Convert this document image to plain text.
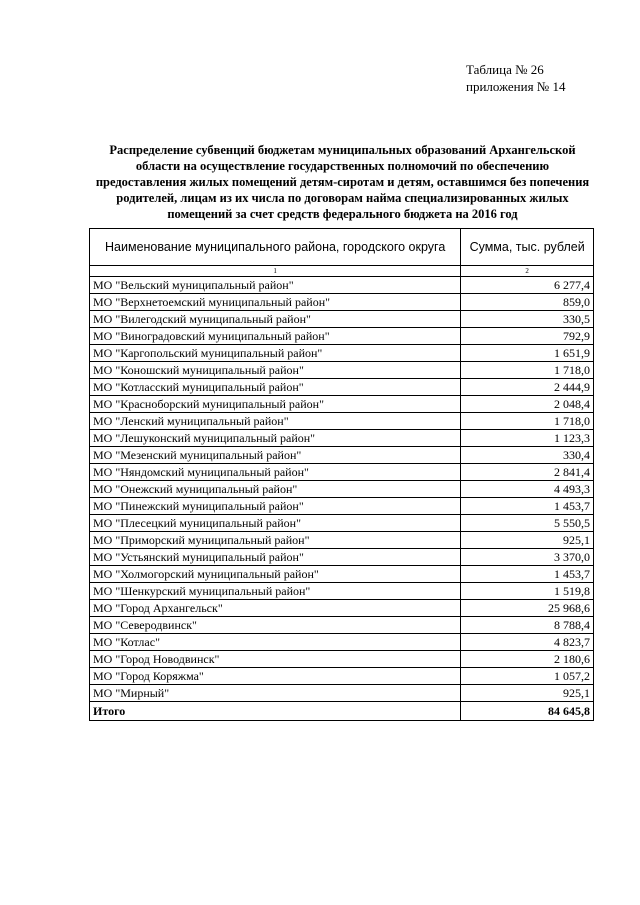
Таблица № 26
приложения № 14
Распределение субвенций бюджетам муниципальных образований Архангельской области на осуществление государственных полномочий по обеспечению предоставления жилых помещений детям-сиротам и детям, оставшимся без попечения родителей, лицам из их числа по договорам найма специализированных жилых помещений за счет средств федерального бюджета на 2016 год
Наименование муниципального района, городского округа	Сумма, тыс. рублей
1	2
МО "Вельский муниципальный район"	6 277,4
МО "Верхнетоемский муниципальный район"	859,0
МО "Вилегодский муниципальный район"	330,5
МО "Виноградовский муниципальный район"	792,9
МО "Каргопольский муниципальный район"	1 651,9
МО "Коношский муниципальный район"	1 718,0
МО "Котласский муниципальный район"	2 444,9
МО "Красноборский муниципальный район"	2 048,4
МО "Ленский муниципальный район"	1 718,0
МО "Лешуконский муниципальный район"	1 123,3
МО "Мезенский муниципальный район"	330,4
МО "Няндомский муниципальный район"	2 841,4
МО "Онежский муниципальный район"	4 493,3
МО "Пинежский муниципальный район"	1 453,7
МО "Плесецкий муниципальный район"	5 550,5
МО "Приморский муниципальный район"	925,1
МО "Устьянский муниципальный район"	3 370,0
МО "Холмогорский муниципальный район"	1 453,7
МО "Шенкурский муниципальный район"	1 519,8
МО "Город Архангельск"	25 968,6
МО "Северодвинск"	8 788,4
МО "Котлас"	4 823,7
МО "Город Новодвинск"	2 180,6
МО "Город Коряжма"	1 057,2
МО "Мирный"	925,1
Итого	84 645,8
